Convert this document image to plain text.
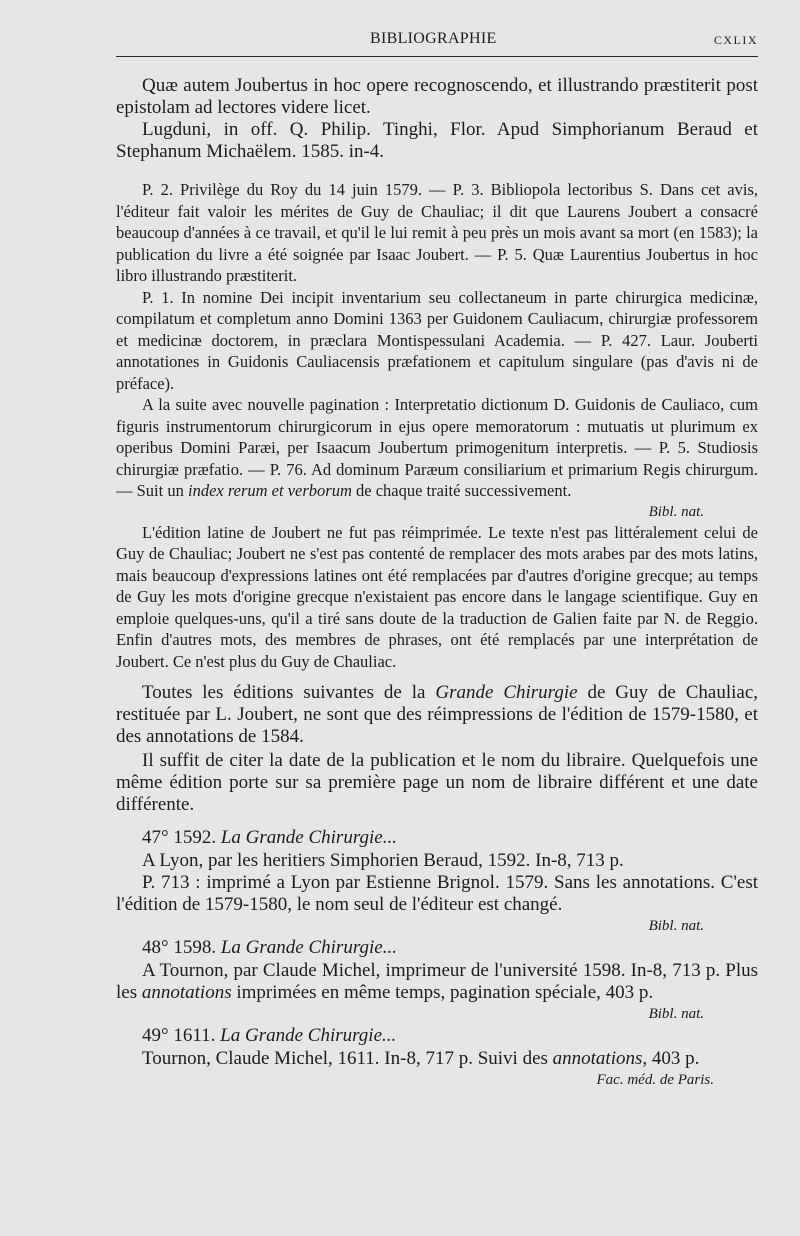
BIBLIOGRAPHIE	CXLIX

Quæ autem Joubertus in hoc opere recognoscendo, et illustrando præstiterit post epistolam ad lectores videre licet.

Lugduni, in off. Q. Philip. Tinghi, Flor. Apud Simphorianum Beraud et Stephanum Michaëlem. 1585. in-4.

P. 2. Privilège du Roy du 14 juin 1579. — P. 3. Bibliopola lectoribus S. Dans cet avis, l'éditeur fait valoir les mérites de Guy de Chauliac; il dit que Laurens Joubert a consacré beaucoup d'années à ce travail, et qu'il le lui remit à peu près un mois avant sa mort (en 1583); la publication du livre a été soignée par Isaac Joubert. — P. 5. Quæ Laurentius Joubertus in hoc libro illustrando præstiterit.

P. 1. In nomine Dei incipit inventarium seu collectaneum in parte chirurgica medicinæ, compilatum et completum anno Domini 1363 per Guidonem Cauliacum, chirurgiæ professorem et medicinæ doctorem, in præclara Montispessulani Academia. — P. 427. Laur. Jouberti annotationes in Guidonis Cauliacensis præfationem et capitulum singulare (pas d'avis ni de préface).

A la suite avec nouvelle pagination : Interpretatio dictionum D. Guidonis de Cauliaco, cum figuris instrumentorum chirurgicorum in ejus opere memoratorum : mutuatis ut plurimum ex operibus Domini Paræi, per Isaacum Joubertum primogenitum interpretis. — P. 5. Studiosis chirurgiæ præfatio. — P. 76. Ad dominum Paræum consiliarium et primarium Regis chirurgum. — Suit un index rerum et verborum de chaque traité successivement.

Bibl. nat.

L'édition latine de Joubert ne fut pas réimprimée. Le texte n'est pas littéralement celui de Guy de Chauliac; Joubert ne s'est pas contenté de remplacer des mots arabes par des mots latins, mais beaucoup d'expressions latines ont été remplacées par d'autres d'origine grecque; au temps de Guy les mots d'origine grecque n'existaient pas encore dans le langage scientifique. Guy en emploie quelques-uns, qu'il a tiré sans doute de la traduction de Galien faite par N. de Reggio. Enfin d'autres mots, des membres de phrases, ont été remplacés par une interprétation de Joubert. Ce n'est plus du Guy de Chauliac.

Toutes les éditions suivantes de la Grande Chirurgie de Guy de Chauliac, restituée par L. Joubert, ne sont que des réimpressions de l'édition de 1579-1580, et des annotations de 1584.

Il suffit de citer la date de la publication et le nom du libraire. Quelquefois une même édition porte sur sa première page un nom de libraire différent et une date différente.

47° 1592. La Grande Chirurgie...

A Lyon, par les heritiers Simphorien Beraud, 1592. In-8, 713 p.

P. 713 : imprimé a Lyon par Estienne Brignol. 1579. Sans les annotations. C'est l'édition de 1579-1580, le nom seul de l'éditeur est changé.

Bibl. nat.

48° 1598. La Grande Chirurgie...

A Tournon, par Claude Michel, imprimeur de l'université 1598. In-8, 713 p. Plus les annotations imprimées en même temps, pagination spéciale, 403 p.

Bibl. nat.

49° 1611. La Grande Chirurgie...

Tournon, Claude Michel, 1611. In-8, 717 p. Suivi des annotations, 403 p.

Fac. méd. de Paris.
